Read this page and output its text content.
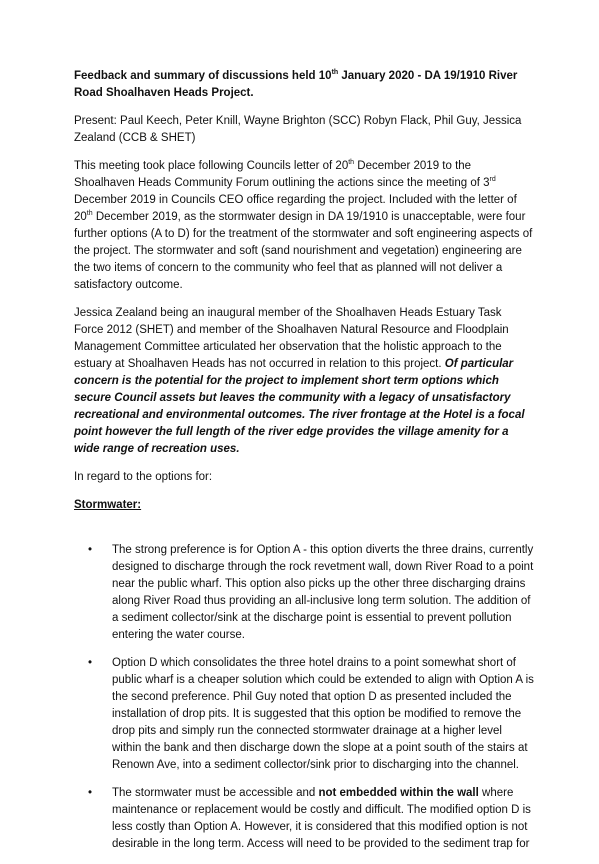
Feedback and summary of discussions held 10th January 2020 - DA 19/1910 River Road Shoalhaven Heads Project.

Present: Paul Keech, Peter Knill, Wayne Brighton (SCC) Robyn Flack, Phil Guy, Jessica Zealand (CCB & SHET)

This meeting took place following Councils letter of 20th December 2019 to the Shoalhaven Heads Community Forum outlining the actions since the meeting of 3rd December 2019 in Councils CEO office regarding the project. Included with the letter of 20th December 2019, as the stormwater design in DA 19/1910 is unacceptable, were four further options (A to D) for the treatment of the stormwater and soft engineering aspects of the project. The stormwater and soft (sand nourishment and vegetation) engineering are the two items of concern to the community who feel that as planned will not deliver a satisfactory outcome.

Jessica Zealand being an inaugural member of the Shoalhaven Heads Estuary Task Force 2012 (SHET) and member of the Shoalhaven Natural Resource and Floodplain Management Committee articulated her observation that the holistic approach to the estuary at Shoalhaven Heads has not occurred in relation to this project. Of particular concern is the potential for the project to implement short term options which secure Council assets but leaves the community with a legacy of unsatisfactory recreational and environmental outcomes. The river frontage at the Hotel is a focal point however the full length of the river edge provides the village amenity for a wide range of recreation uses.

In regard to the options for:

Stormwater:

• The strong preference is for Option A - this option diverts the three drains, currently designed to discharge through the rock revetment wall, down River Road to a point near the public wharf. This option also picks up the other three discharging drains along River Road thus providing an all-inclusive long term solution. The addition of a sediment collector/sink at the discharge point is essential to prevent pollution entering the water course.
• Option D which consolidates the three hotel drains to a point somewhat short of public wharf is a cheaper solution which could be extended to align with Option A is the second preference. Phil Guy noted that option D as presented included the installation of drop pits. It is suggested that this option be modified to remove the drop pits and simply run the connected stormwater drainage at a higher level within the bank and then discharge down the slope at a point south of the stairs at Renown Ave, into a sediment collector/sink prior to discharging into the channel.
• The stormwater must be accessible and not embedded within the wall where maintenance or replacement would be costly and difficult. The modified option D is less costly than Option A. However, it is considered that this modified option is not desirable in the long term. Access will need to be provided to the sediment trap for
